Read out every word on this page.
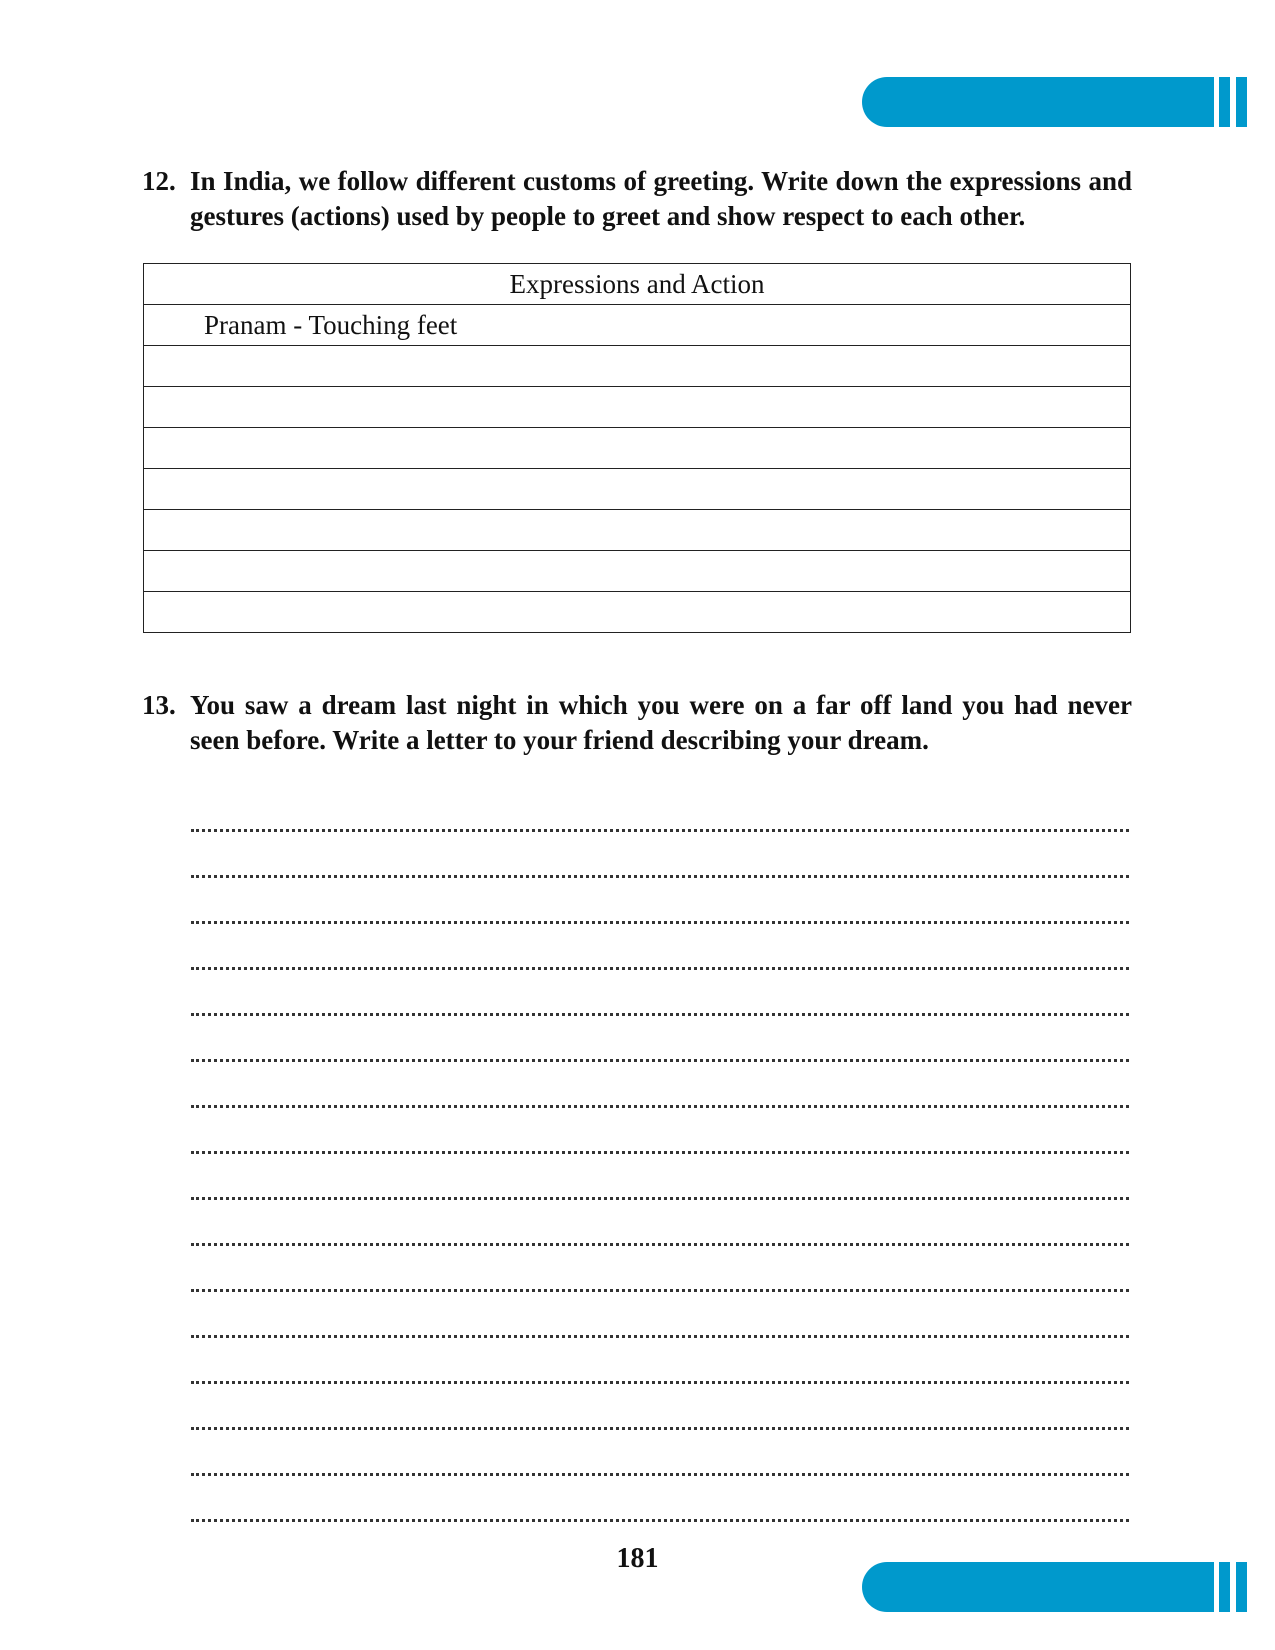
12. In India, we follow different customs of greeting. Write down the expressions and gestures (actions) used by people to greet and show respect to each other.
Expressions and Action
Pranam - Touching feet

13. You saw a dream last night in which you were on a far off land you had never seen before. Write a letter to your friend describing your dream.
181
